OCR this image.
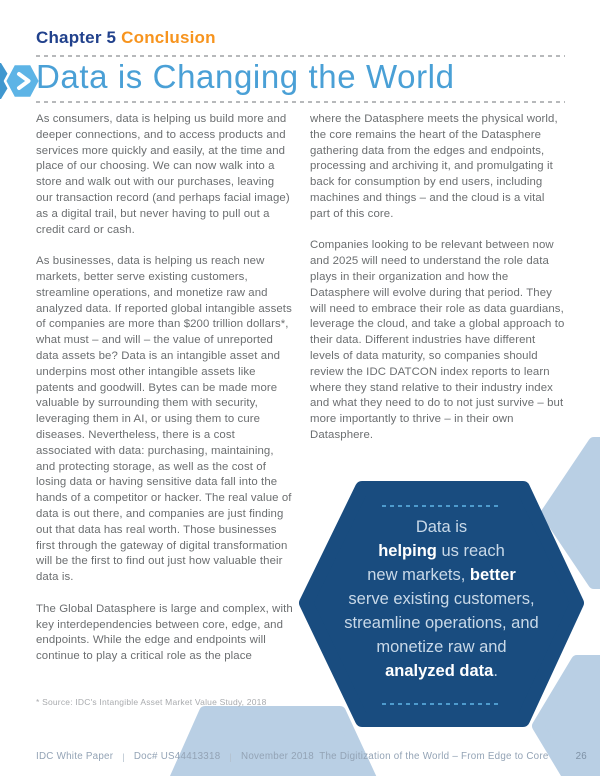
Chapter 5 Conclusion
Data is Changing the World

As consumers, data is helping us build more and deeper connections, and to access products and services more quickly and easily, at the time and place of our choosing. We can now walk into a store and walk out with our purchases, leaving our transaction record (and perhaps facial image) as a digital trail, but never having to pull out a credit card or cash.

As businesses, data is helping us reach new markets, better serve existing customers, streamline operations, and monetize raw and analyzed data. If reported global intangible assets of companies are more than $200 trillion dollars*, what must – and will – the value of unreported data assets be? Data is an intangible asset and underpins most other intangible assets like patents and goodwill. Bytes can be made more valuable by surrounding them with security, leveraging them in AI, or using them to cure diseases. Nevertheless, there is a cost associated with data: purchasing, maintaining, and protecting storage, as well as the cost of losing data or having sensitive data fall into the hands of a competitor or hacker. The real value of data is out there, and companies are just finding out that data has real worth. Those businesses first through the gateway of digital transformation will be the first to find out just how valuable their data is.

The Global Datasphere is large and complex, with key interdependencies between core, edge, and endpoints. While the edge and endpoints will continue to play a critical role as the place

where the Datasphere meets the physical world, the core remains the heart of the Datasphere gathering data from the edges and endpoints, processing and archiving it, and promulgating it back for consumption by end users, including machines and things – and the cloud is a vital part of this core.

Companies looking to be relevant between now and 2025 will need to understand the role data plays in their organization and how the Datasphere will evolve during that period. They will need to embrace their role as data guardians, leverage the cloud, and take a global approach to their data. Different industries have different levels of data maturity, so companies should review the IDC DATCON index reports to learn where they stand relative to their industry index and what they need to do to not just survive – but more importantly to thrive – in their own Datasphere.

* Source: IDC's Intangible Asset Market Value Study, 2018
Data is
helping us reach
new markets, better
serve existing customers,
streamline operations, and
monetize raw and
analyzed data.
IDC White Paper | Doc# US44413318 | November 2018 The Digitization of the World – From Edge to Core	26
